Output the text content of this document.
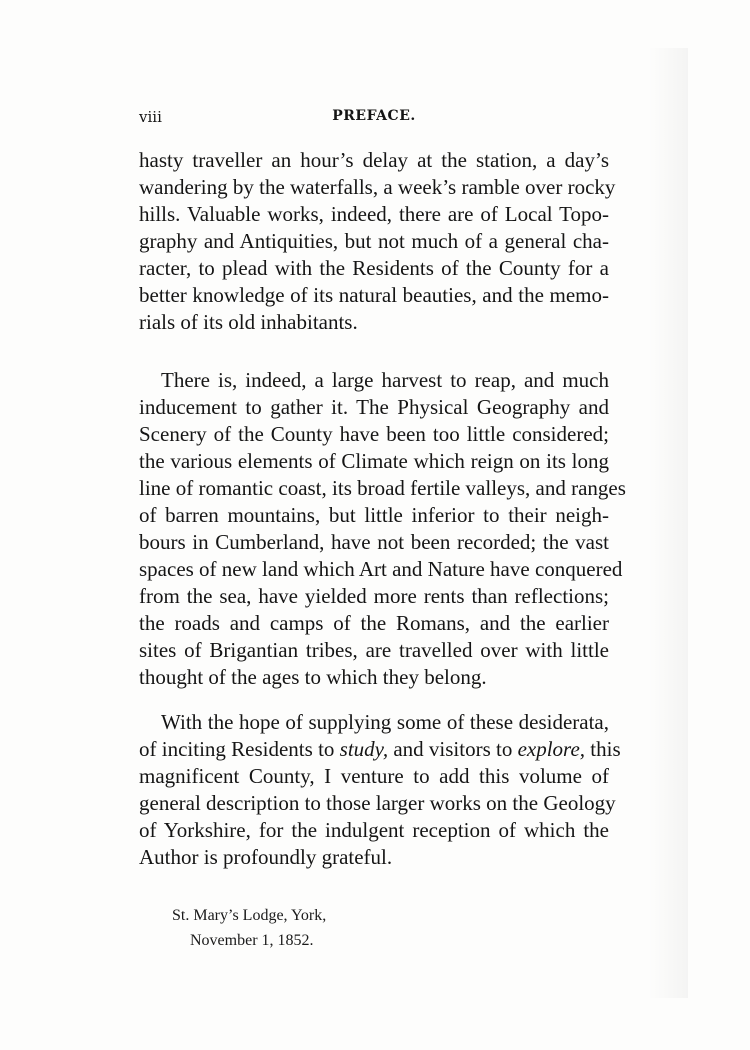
viii	PREFACE.
hasty traveller an hour’s delay at the station, a day’s
wandering by the waterfalls, a week’s ramble over rocky
hills. Valuable works, indeed, there are of Local Topo-
graphy and Antiquities, but not much of a general cha-
racter, to plead with the Residents of the County for a
better knowledge of its natural beauties, and the memo-
rials of its old inhabitants.
There is, indeed, a large harvest to reap, and much
inducement to gather it. The Physical Geography and
Scenery of the County have been too little considered;
the various elements of Climate which reign on its long
line of romantic coast, its broad fertile valleys, and ranges
of barren mountains, but little inferior to their neigh-
bours in Cumberland, have not been recorded; the vast
spaces of new land which Art and Nature have conquered
from the sea, have yielded more rents than reflections;
the roads and camps of the Romans, and the earlier
sites of Brigantian tribes, are travelled over with little
thought of the ages to which they belong.
With the hope of supplying some of these desiderata,
of inciting Residents to study, and visitors to explore, this
magnificent County, I venture to add this volume of
general description to those larger works on the Geology
of Yorkshire, for the indulgent reception of which the
Author is profoundly grateful.
St. Mary’s Lodge, York,
November 1, 1852.
